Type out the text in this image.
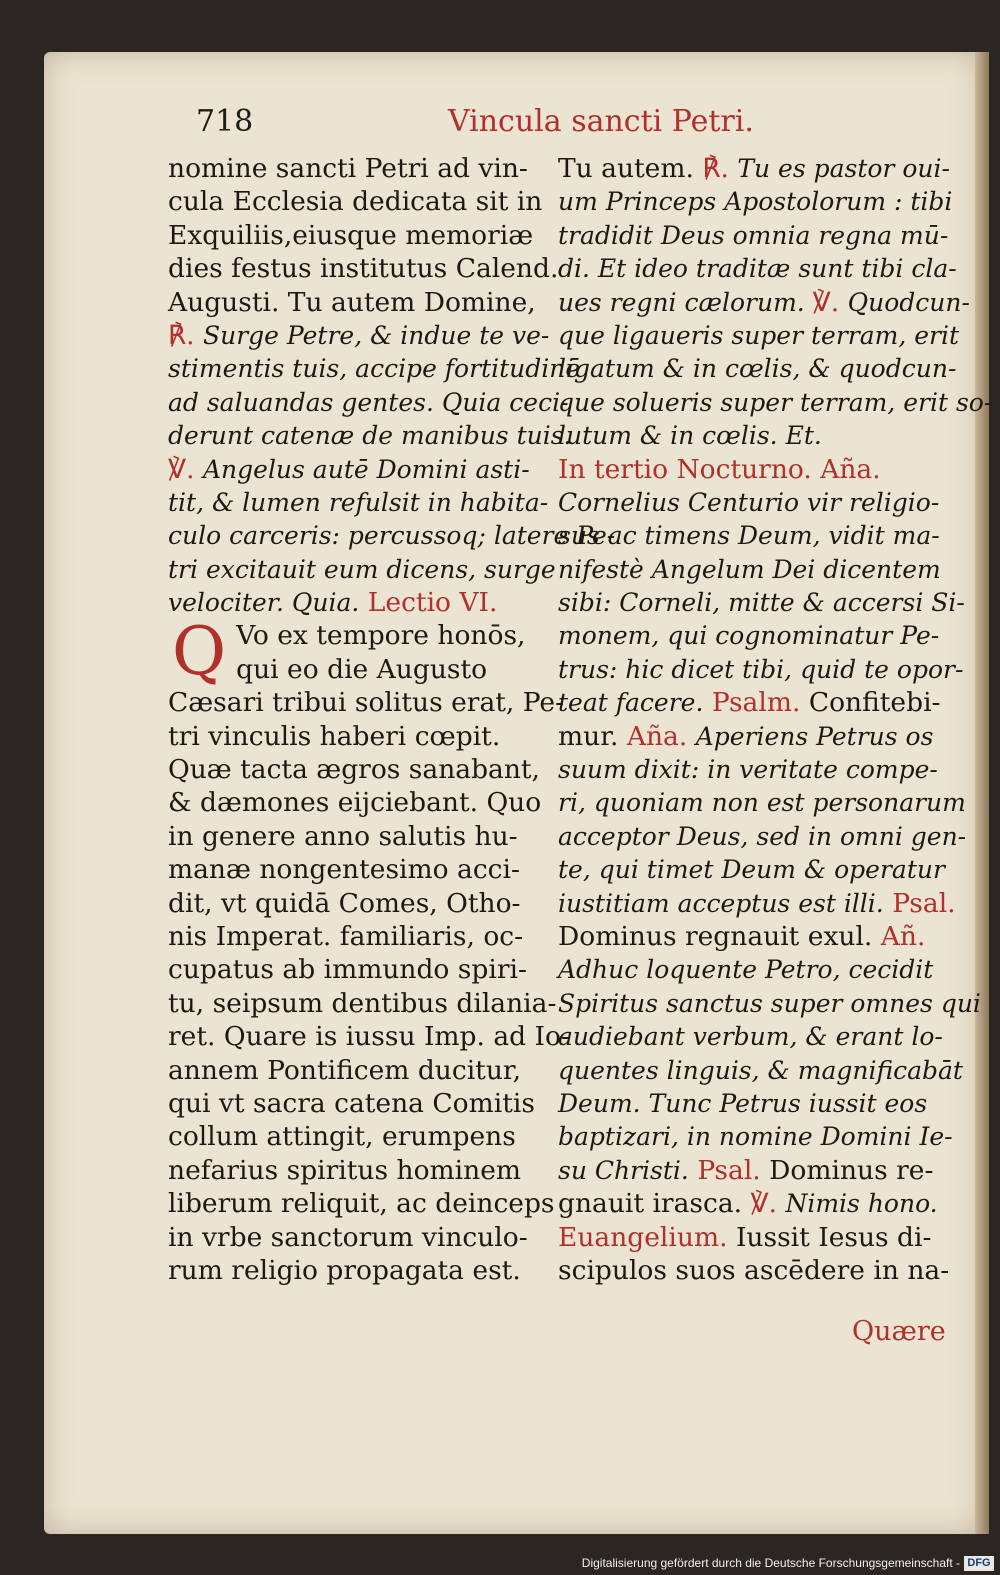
718	Vincula sancti Petri.
nomine sancti Petri ad vin-
cula Ecclesia dedicata sit in
Exquiliis,eiusque memoriæ
dies festus institutus Calend.
Augusti. Tu autem Domine,
℟. Surge Petre, & indue te ve-
stimentis tuis, accipe fortitudinē
ad saluandas gentes. Quia ceci-
derunt catenæ de manibus tuis.
℣. Angelus autē Domini asti-
tit, & lumen refulsit in habita-
culo carceris: percussoq; latere Pe-
tri excitauit eum dicens, surge
velociter. Quia. Lectio VI.
Q Vo ex tempore honōs,
qui eo die Augusto
Cæsari tribui solitus erat, Pe-
tri vinculis haberi cœpit.
Quæ tacta ægros sanabant,
& dæmones eijciebant. Quo
in genere anno salutis hu-
manæ nongentesimo acci-
dit, vt quidā Comes, Otho-
nis Imperat. familiaris, oc-
cupatus ab immundo spiri-
tu, seipsum dentibus dilania-
ret. Quare is iussu Imp. ad Io-
annem Pontificem ducitur,
qui vt sacra catena Comitis
collum attingit, erumpens
nefarius spiritus hominem
liberum reliquit, ac deinceps
in vrbe sanctorum vinculo-
rum religio propagata est.
Tu autem. ℟. Tu es pastor oui-
um Princeps Apostolorum : tibi
tradidit Deus omnia regna mū-
di. Et ideo traditæ sunt tibi cla-
ues regni cælorum. ℣. Quodcun-
que ligaueris super terram, erit
ligatum & in cœlis, & quodcun-
que solueris super terram, erit so-
lutum & in cœlis. Et.
In tertio Nocturno. Aña.
Cornelius Centurio vir religio-
sus ac timens Deum, vidit ma-
nifestè Angelum Dei dicentem
sibi: Corneli, mitte & accersi Si-
monem, qui cognominatur Pe-
trus: hic dicet tibi, quid te opor-
teat facere. Psalm. Confitebi-
mur. Aña. Aperiens Petrus os
suum dixit: in veritate compe-
ri, quoniam non est personarum
acceptor Deus, sed in omni gen-
te, qui timet Deum & operatur
iustitiam acceptus est illi. Psal.
Dominus regnauit exul. Añ.
Adhuc loquente Petro, cecidit
Spiritus sanctus super omnes qui
audiebant verbum, & erant lo-
quentes linguis, & magnificabāt
Deum. Tunc Petrus iussit eos
baptizari, in nomine Domini Ie-
su Christi. Psal. Dominus re-
gnauit irasca. ℣. Nimis hono.
Euangelium. Iussit Iesus di-
scipulos suos ascēdere in na-
Quære
Digitalisierung gefördert durch die Deutsche Forschungsgemeinschaft - DFG
